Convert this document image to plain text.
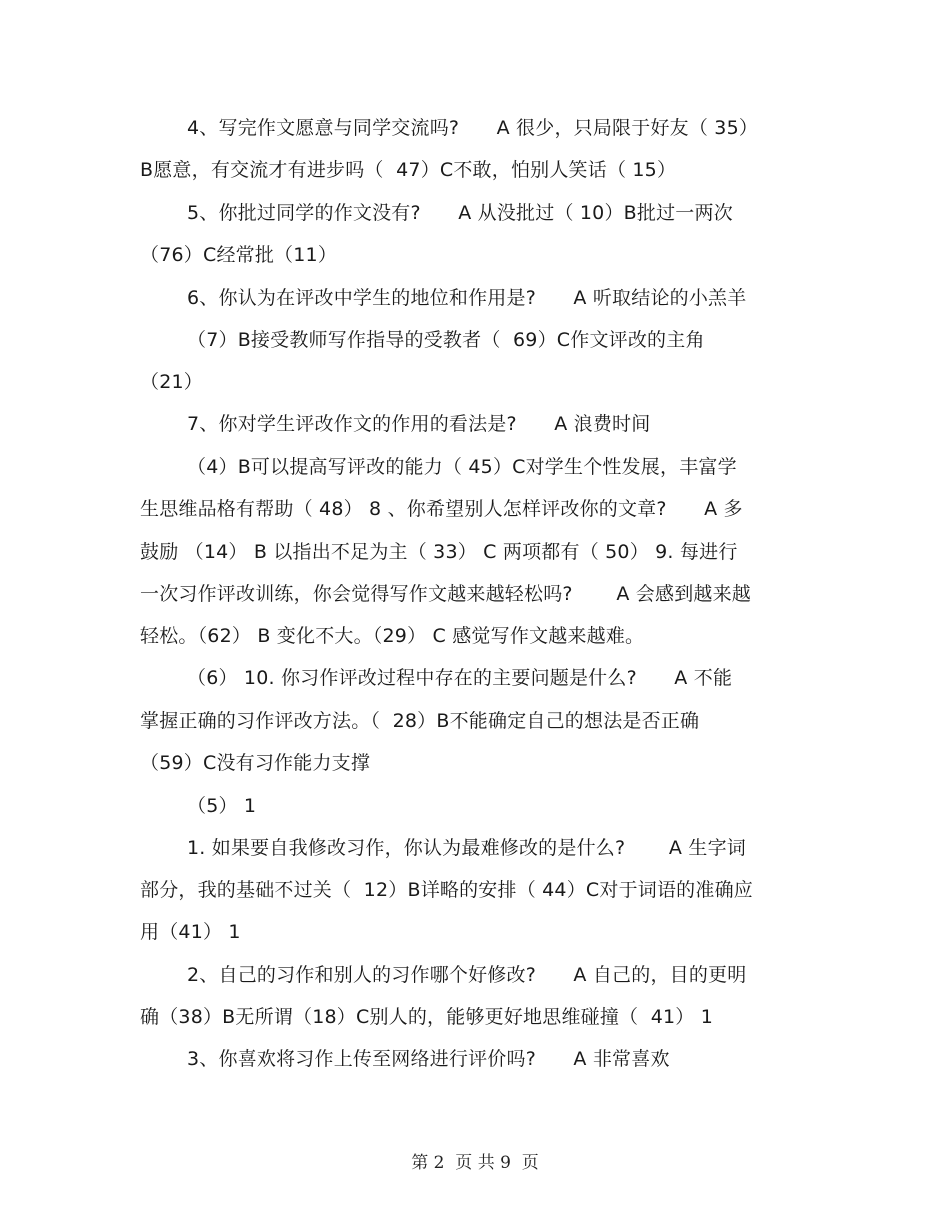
4、写完作文愿意与同学交流吗?      A 很少，只局限于好友（ 35）
B愿意，有交流才有进步吗（  47）C不敢，怕别人笑话（ 15）
5、你批过同学的作文没有?      A 从没批过（ 10）B批过一两次
（76）C经常批（11）
6、你认为在评改中学生的地位和作用是?      A 听取结论的小羔羊
（7）B接受教师写作指导的受教者（  69）C作文评改的主角
（21）
7、你对学生评改作文的作用的看法是?      A 浪费时间
（4）B可以提高写评改的能力（ 45）C对学生个性发展，丰富学
生思维品格有帮助（ 48） 8 、你希望别人怎样评改你的文章?      A 多
鼓励 （14） B 以指出不足为主（ 33） C 两项都有（ 50） 9. 每进行
一次习作评改训练，你会觉得写作文越来越轻松吗?       A 会感到越来越
轻松。（62） B 变化不大。（29） C 感觉写作文越来越难。
（6） 10. 你习作评改过程中存在的主要问题是什么?      A 不能
掌握正确的习作评改方法。（  28）B不能确定自己的想法是否正确
（59）C没有习作能力支撑
（5） 1
1. 如果要自我修改习作，你认为最难修改的是什么?       A 生字词
部分，我的基础不过关（  12）B详略的安排（ 44）C对于词语的准确应
用（41） 1
2、自己的习作和别人的习作哪个好修改?      A 自己的，目的更明
确（38）B无所谓（18）C别人的，能够更好地思维碰撞（  41） 1
3、你喜欢将习作上传至网络进行评价吗?      A 非常喜欢
第 2  页 共 9  页
